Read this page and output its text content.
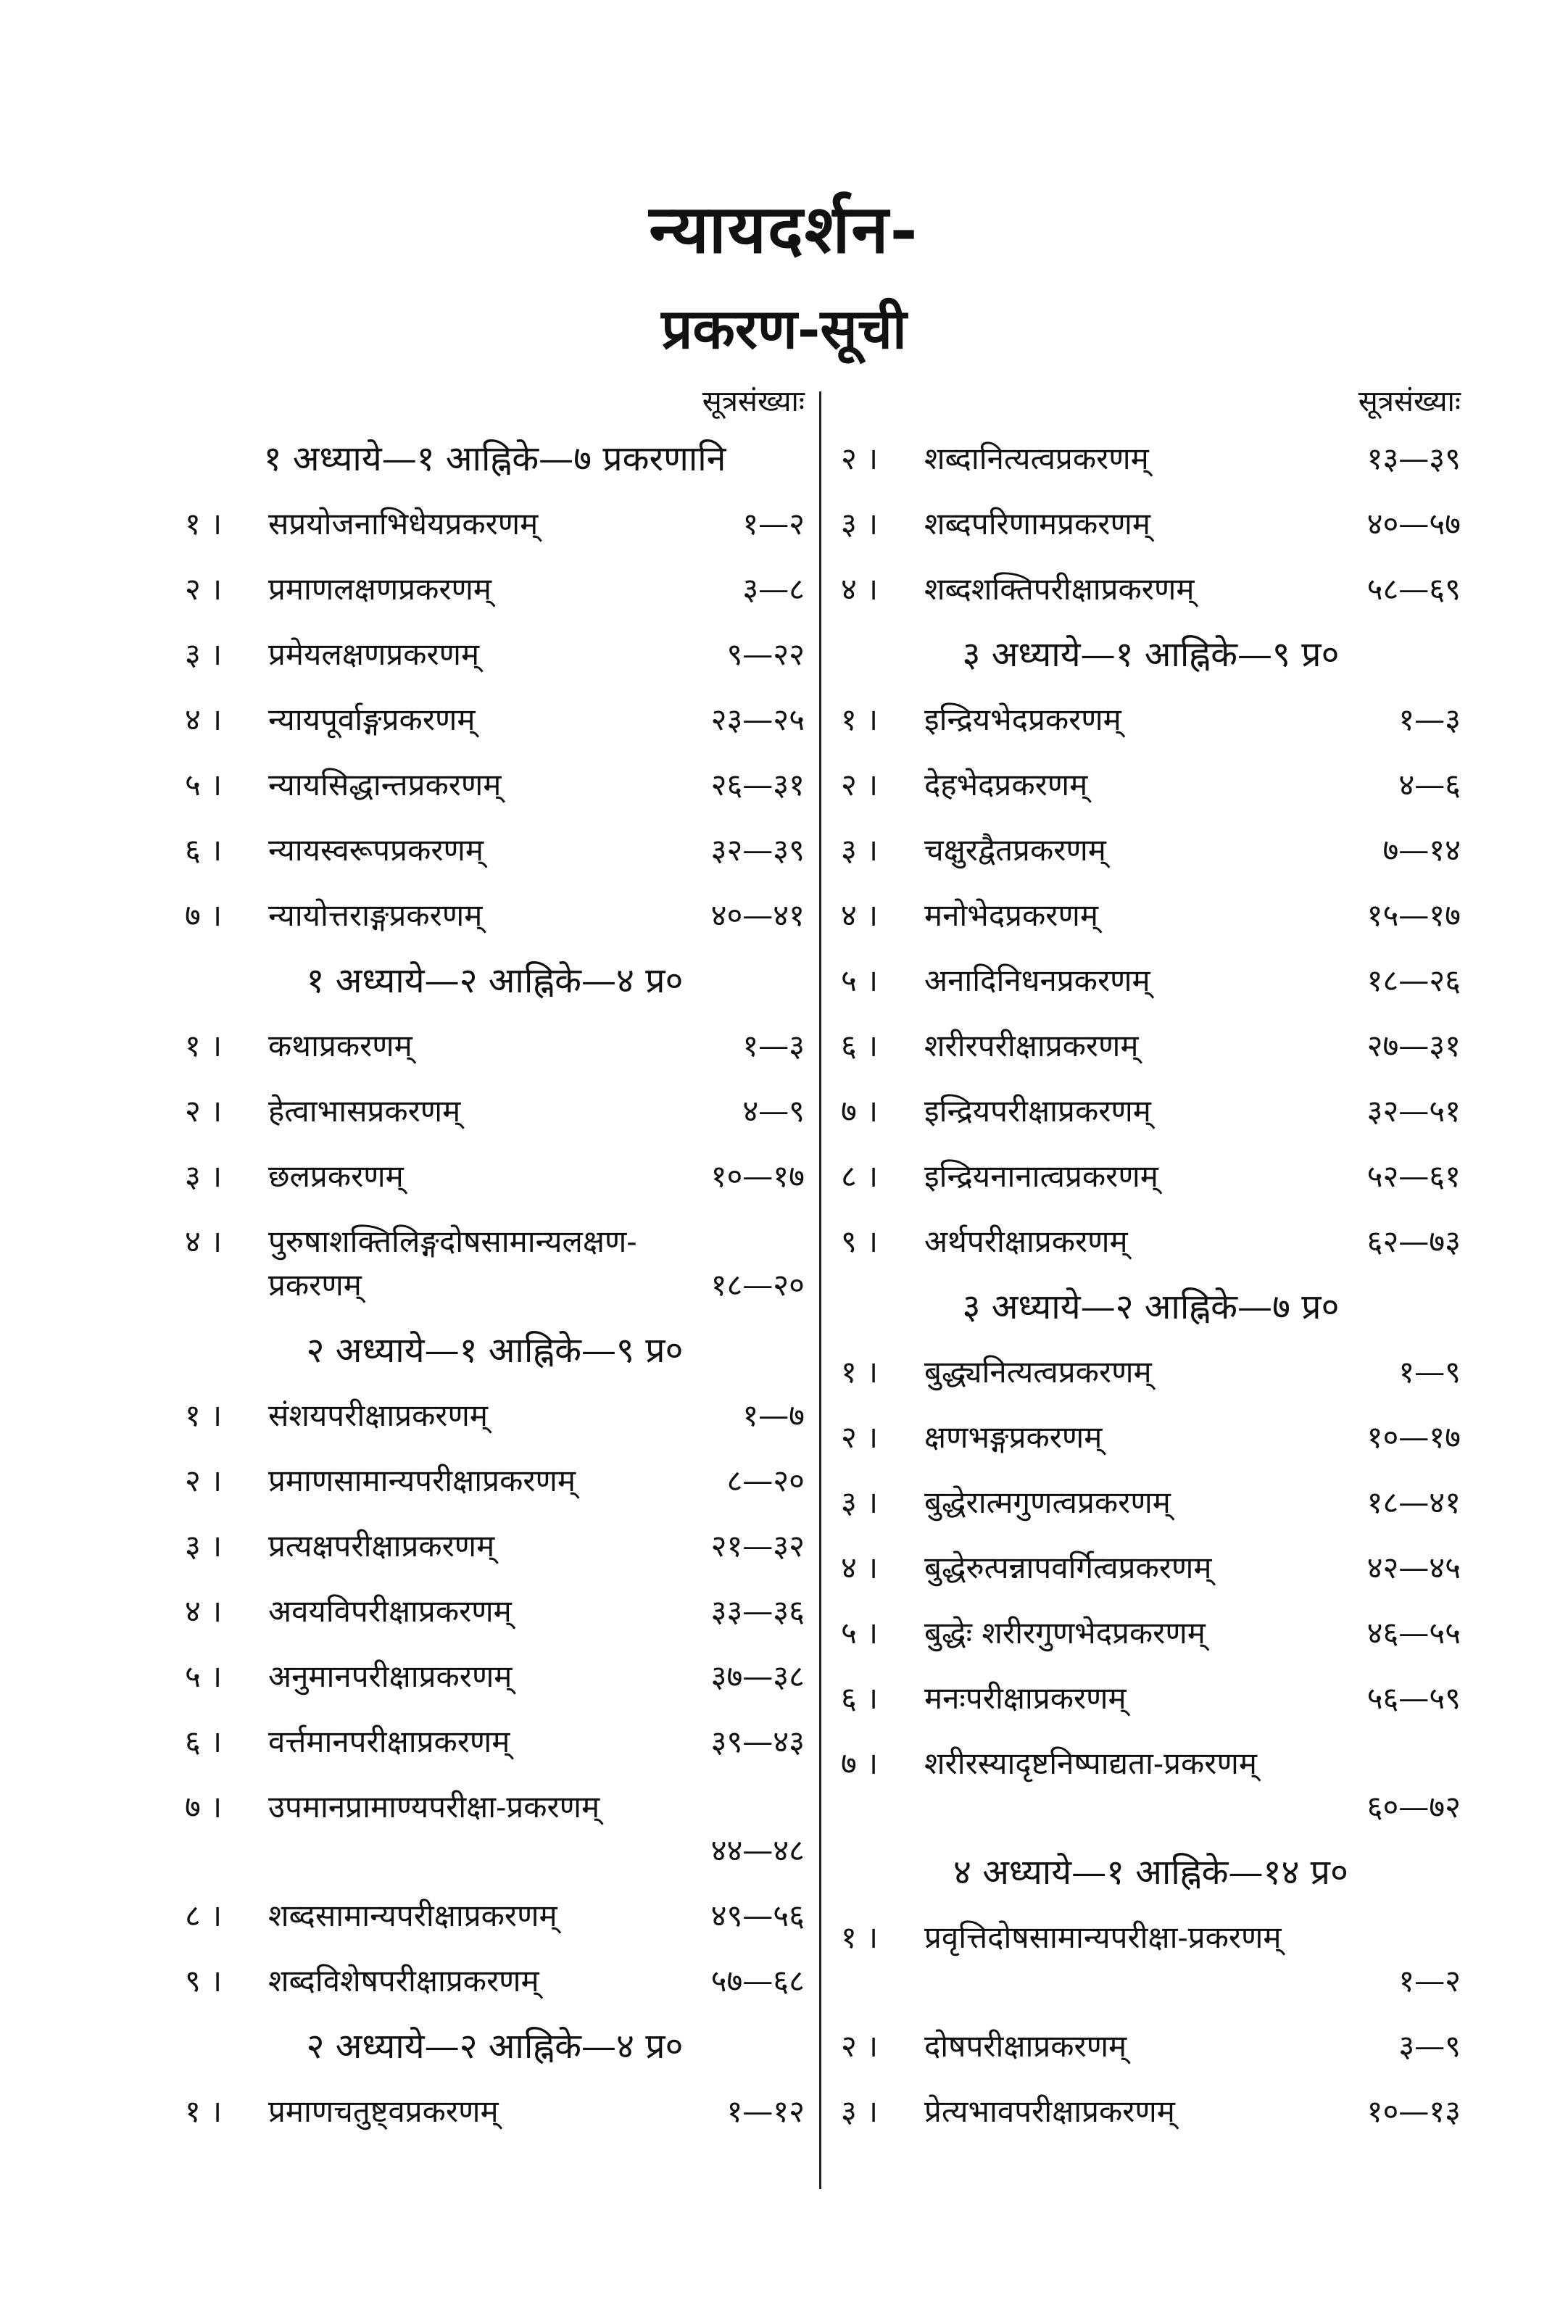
न्यायदर्शन-
प्रकरण-सूची
सूत्रसंख्याः
१ अध्याये—१ आह्निके—७ प्रकरणानि
१ ।	सप्रयोजनाभिधेयप्रकरणम्	१—२
२ ।	प्रमाणलक्षणप्रकरणम्	३—८
३ ।	प्रमेयलक्षणप्रकरणम्	९—२२
४ ।	न्यायपूर्वाङ्गप्रकरणम्	२३—२५
५ ।	न्यायसिद्धान्तप्रकरणम्	२६—३१
६ ।	न्यायस्वरूपप्रकरणम्	३२—३९
७ ।	न्यायोत्तराङ्गप्रकरणम्	४०—४१
१ अध्याये—२ आह्निके—४ प्र०
१ ।	कथाप्रकरणम्	१—३
२ ।	हेत्वाभासप्रकरणम्	४—९
३ ।	छलप्रकरणम्	१०—१७
४ ।	पुरुषाशक्तिलिङ्गदोषसामान्यलक्षण-प्रकरणम्	१८—२०
२ अध्याये—१ आह्निके—९ प्र०
१ ।	संशयपरीक्षाप्रकरणम्	१—७
२ ।	प्रमाणसामान्यपरीक्षाप्रकरणम्	८—२०
३ ।	प्रत्यक्षपरीक्षाप्रकरणम्	२१—३२
४ ।	अवयविपरीक्षाप्रकरणम्	३३—३६
५ ।	अनुमानपरीक्षाप्रकरणम्	३७—३८
६ ।	वर्त्तमानपरीक्षाप्रकरणम्	३९—४३
७ ।	उपमानप्रामाण्यपरीक्षा-प्रकरणम्
४४—४८
८ ।	शब्दसामान्यपरीक्षाप्रकरणम्	४९—५६
९ ।	शब्दविशेषपरीक्षाप्रकरणम्	५७—६८
२ अध्याये—२ आह्निके—४ प्र०
१ ।	प्रमाणचतुष्ट्वप्रकरणम्	१—१२
सूत्रसंख्याः
२ ।	शब्दानित्यत्वप्रकरणम्	१३—३९
३ ।	शब्दपरिणामप्रकरणम्	४०—५७
४ ।	शब्दशक्तिपरीक्षाप्रकरणम्	५८—६९
३ अध्याये—१ आह्निके—९ प्र०
१ ।	इन्द्रियभेदप्रकरणम्	१—३
२ ।	देहभेदप्रकरणम्	४—६
३ ।	चक्षुरद्वैतप्रकरणम्	७—१४
४ ।	मनोभेदप्रकरणम्	१५—१७
५ ।	अनादिनिधनप्रकरणम्	१८—२६
६ ।	शरीरपरीक्षाप्रकरणम्	२७—३१
७ ।	इन्द्रियपरीक्षाप्रकरणम्	३२—५१
८ ।	इन्द्रियनानात्वप्रकरणम्	५२—६१
९ ।	अर्थपरीक्षाप्रकरणम्	६२—७३
३ अध्याये—२ आह्निके—७ प्र०
१ ।	बुद्ध्यनित्यत्वप्रकरणम्	१—९
२ ।	क्षणभङ्गप्रकरणम्	१०—१७
३ ।	बुद्धेरात्मगुणत्वप्रकरणम्	१८—४१
४ ।	बुद्धेरुत्पन्नापवर्गित्वप्रकरणम्	४२—४५
५ ।	बुद्धेः शरीरगुणभेदप्रकरणम्	४६—५५
६ ।	मनःपरीक्षाप्रकरणम्	५६—५९
७ ।	शरीरस्यादृष्टनिष्पाद्यता-प्रकरणम्
६०—७२
४ अध्याये—१ आह्निके—१४ प्र०
१ ।	प्रवृत्तिदोषसामान्यपरीक्षा-प्रकरणम्
१—२
२ ।	दोषपरीक्षाप्रकरणम्	३—९
३ ।	प्रेत्यभावपरीक्षाप्रकरणम्	१०—१३
